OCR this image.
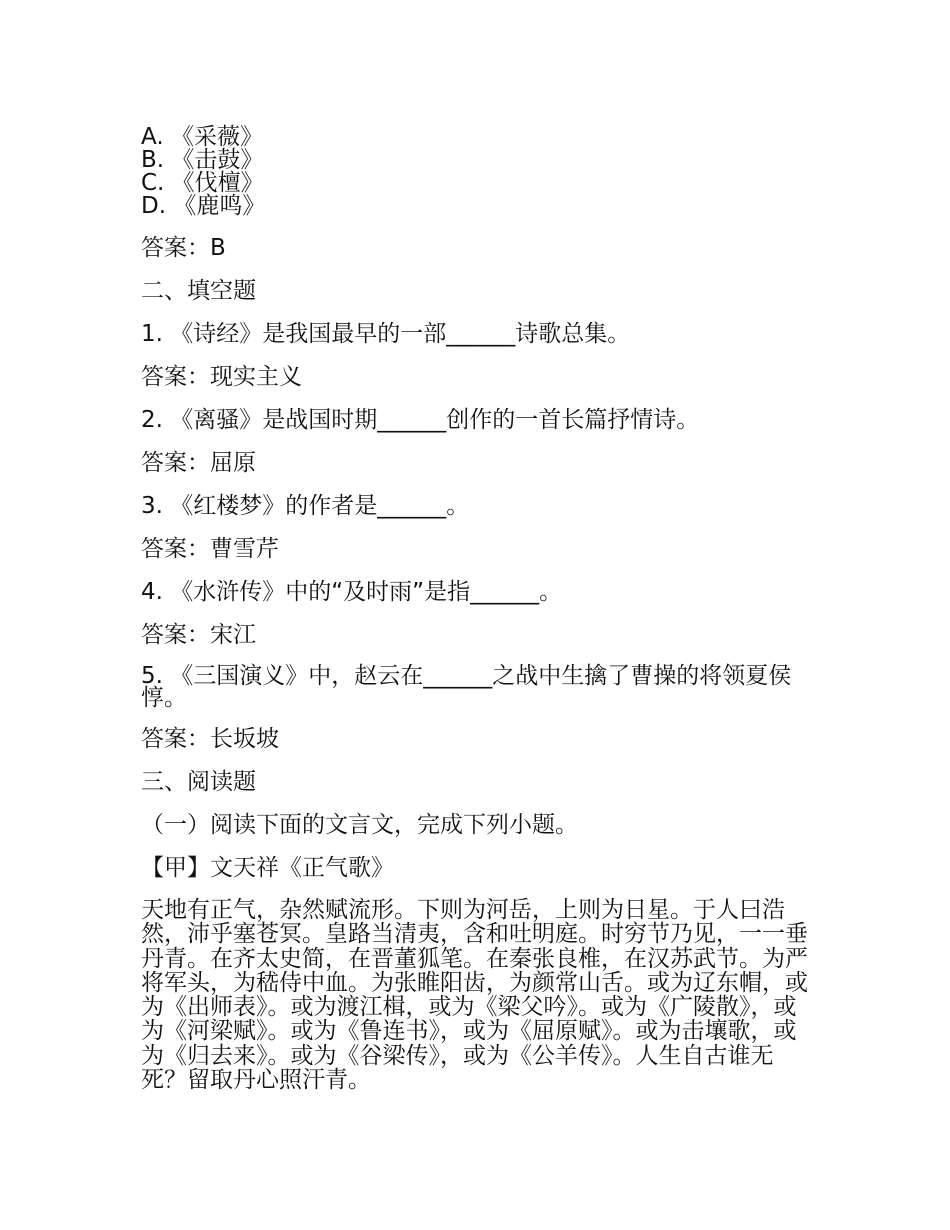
A. 《采薇》

B. 《击鼓》

C. 《伐檀》

D. 《鹿鸣》

答案：B

二、填空题

1. 《诗经》是我国最早的一部______诗歌总集。

答案：现实主义

2. 《离骚》是战国时期______创作的一首长篇抒情诗。

答案：屈原

3. 《红楼梦》的作者是______。

答案：曹雪芹

4. 《水浒传》中的“及时雨”是指______。

答案：宋江

5. 《三国演义》中，赵云在______之战中生擒了曹操的将领夏侯惇。

答案：长坂坡

三、阅读题

（一）阅读下面的文言文，完成下列小题。

【甲】文天祥《正气歌》

天地有正气，杂然赋流形。下则为河岳，上则为日星。于人曰浩然，沛乎塞苍冥。皇路当清夷，含和吐明庭。时穷节乃见，一一垂丹青。在齐太史简，在晋董狐笔。在秦张良椎，在汉苏武节。为严将军头，为嵇侍中血。为张睢阳齿，为颜常山舌。或为辽东帽，或为《出师表》。或为渡江楫，或为《梁父吟》。或为《广陵散》，或为《河梁赋》。或为《鲁连书》，或为《屈原赋》。或为击壤歌，或为《归去来》。或为《谷梁传》，或为《公羊传》。人生自古谁无死？留取丹心照汗青。
